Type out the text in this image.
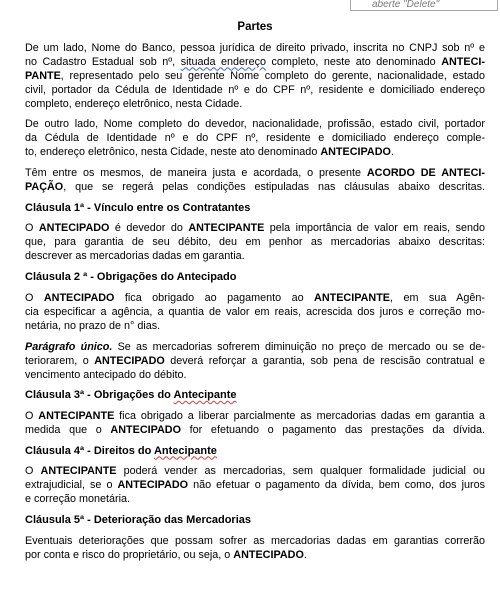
aberte "Delete"
Partes
De um lado, Nome do Banco, pessoa jurídica de direito privado, inscrita no CNPJ sob nº e
no Cadastro Estadual sob nº, situada endereço completo, neste ato denominado ANTECI-
PANTE, representado pelo seu gerente Nome completo do gerente, nacionalidade, estado
civil, portador da Cédula de Identidade nº e do CPF nº, residente e domiciliado endereço
completo, endereço eletrônico, nesta Cidade.
De outro lado, Nome completo do devedor, nacionalidade, profissão, estado civil, portador
da Cédula de Identidade nº e do CPF nº, residente e domiciliado endereço comple-
to, endereço eletrônico, nesta Cidade, neste ato denominado ANTECIPADO.
Têm entre os mesmos, de maneira justa e acordada, o presente ACORDO DE ANTECI-
PAÇÃO, que se regerá pelas condições estipuladas nas cláusulas abaixo descritas.
Cláusula 1ª - Vínculo entre os Contratantes
O ANTECIPADO é devedor do ANTECIPANTE pela importância de valor em reais, sendo
que, para garantia de seu débito, deu em penhor as mercadorias abaixo descritas:
descrever as mercadorias dadas em garantia.
Cláusula 2 ª - Obrigações do Antecipado
O ANTECIPADO fica obrigado ao pagamento ao ANTECIPANTE, em sua Agên-
cia especificar a agência, a quantia de valor em reais, acrescida dos juros e correção mo-
netária, no prazo de n° dias.
Parágrafo único. Se as mercadorias sofrerem diminuição no preço de mercado ou se de-
teriorarem, o ANTECIPADO deverá reforçar a garantia, sob pena de rescisão contratual e
vencimento antecipado do débito.
Cláusula 3ª - Obrigações do Antecipante
O ANTECIPANTE fica obrigado a liberar parcialmente as mercadorias dadas em garantia a
medida que o ANTECIPADO for efetuando o pagamento das prestações da dívida.
Cláusula 4ª - Direitos do Antecipante
O ANTECIPANTE poderá vender as mercadorias, sem qualquer formalidade judicial ou
extrajudicial, se o ANTECIPADO não efetuar o pagamento da dívida, bem como, dos juros
e correção monetária.
Cláusula 5ª - Deterioração das Mercadorias
Eventuais deteriorações que possam sofrer as mercadorias dadas em garantias correrão
por conta e risco do proprietário, ou seja, o ANTECIPADO.
